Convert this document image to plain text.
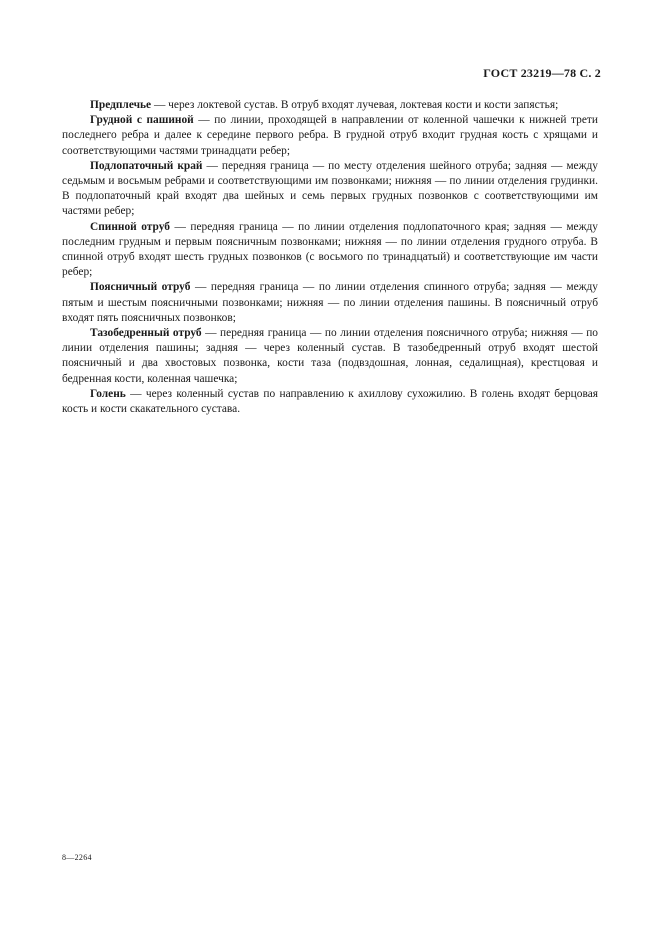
ГОСТ 23219—78 С. 2

Предплечье — через локтевой сустав. В отруб входят лучевая, локтевая кости и кости запястья;

Грудной с пашиной — по линии, проходящей в направлении от коленной чашечки к нижней трети последнего ребра и далее к середине первого ребра. В грудной отруб входит грудная кость с хрящами и соответствующими частями тринадцати ребер;

Подлопаточный край — передняя граница — по месту отделения шейного отруба; задняя — между седьмым и восьмым ребрами и соответствующими им позвонками; нижняя — по линии отделения грудинки. В подлопаточный край входят два шейных и семь первых грудных позвонков с соответствующими им частями ребер;

Спинной отруб — передняя граница — по линии отделения подлопаточного края; задняя — между последним грудным и первым поясничным позвонками; нижняя — по линии отделения грудного отруба. В спинной отруб входят шесть грудных позвонков (с восьмого по тринадцатый) и соответствующие им части ребер;

Поясничный отруб — передняя граница — по линии отделения спинного отруба; задняя — между пятым и шестым поясничными позвонками; нижняя — по линии отделения пашины. В поясничный отруб входят пять поясничных позвонков;

Тазобедренный отруб — передняя граница — по линии отделения поясничного отруба; нижняя — по линии отделения пашины; задняя — через коленный сустав. В тазобедренный отруб входят шестой поясничный и два хвостовых позвонка, кости таза (подвздошная, лонная, седалищная), крестцовая и бедренная кости, коленная чашечка;

Голень — через коленный сустав по направлению к ахиллову сухожилию. В голень входят берцовая кость и кости скакательного сустава.

8—2264
